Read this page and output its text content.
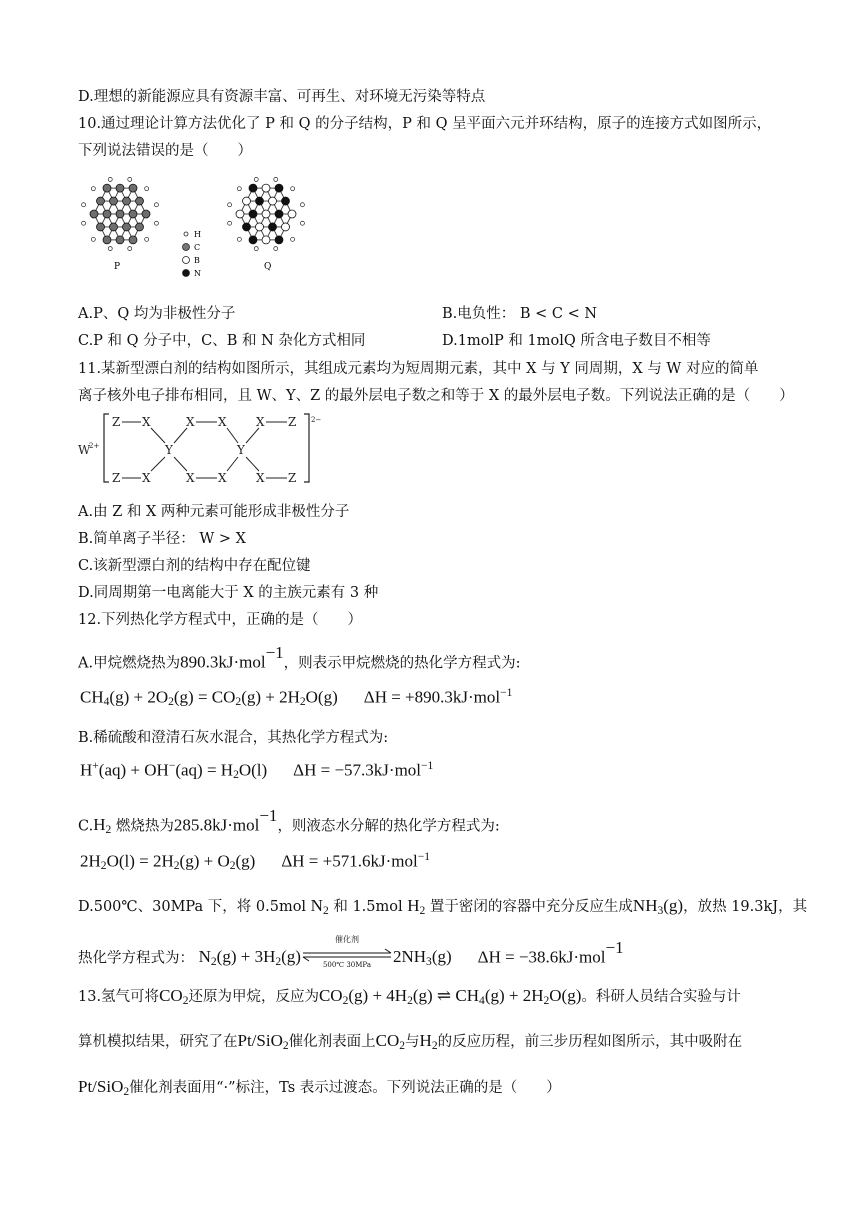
D.理想的新能源应具有资源丰富、可再生、对环境无污染等特点
10.通过理论计算方法优化了 P 和 Q 的分子结构，P 和 Q 呈平面六元并环结构，原子的连接方式如图所示，
下列说法错误的是（　　）
H
C
B
N
P	Q
A.P、Q 均为非极性分子	B.电负性： B < C < N
C.P 和 Q 分子中，C、B 和 N 杂化方式相同	D.1molP 和 1molQ 所含电子数目不相等
11.某新型漂白剂的结构如图所示，其组成元素均为短周期元素，其中 X 与 Y 同周期，X 与 W 对应的简单
离子核外电子排布相同，且 W、Y、Z 的最外层电子数之和等于 X 的最外层电子数。下列说法正确的是（　　）
W
2+
2−
Z X	X X X Z
Y	Y
Z X	X X X Z
A.由 Z 和 X 两种元素可能形成非极性分子
B.简单离子半径： W > X
C.该新型漂白剂的结构中存在配位键
D.同周期第一电离能大于 X 的主族元素有 3 种
12.下列热化学方程式中，正确的是（　　）
A.甲烷燃烧热为890.3kJ·mol$^{-1}$，则表示甲烷燃烧的热化学方程式为:
$CH_4(g) + 2O_2(g) = CO_2(g) + 2H_2O(g) \Delta H = +890.3kJ\cdot mol^{-1}$
B.稀硫酸和澄清石灰水混合，其热化学方程式为:
$H^+(aq) + OH^-(aq) = H_2O(l) \Delta H = -57.3kJ\cdot mol^{-1}$
$C.H_2$ 燃烧热为285.8kJ·mol$^{-1}$，则液态水分解的热化学方程式为:
$2H_2O(l) = 2H_2(g) + O_2(g) \Delta H = +571.6kJ\cdot mol^{-1}$
D.500℃、30MPa 下，将 0.5mol $N_2$ 和 1.5mol $H_2$ 置于密闭的容器中充分反应生成$NH_3(g)$，放热 19.3kJ，其
热化学方程式为： $N_2(g) + 3H_2(g)$
催化剂
500℃ 30MPa	$2NH_3(g) \Delta H = -38.6kJ\cdot mol^{-1}$
13.氢气可将$CO_2$还原为甲烷，反应为$CO_2(g) + 4H_2(g)$ ⇌ $CH_4(g) + 2H_2O(g)$。科研人员结合实验与计
算机模拟结果，研究了在Pt/SiO$_2$催化剂表面上$CO_2$与$H_2$的反应历程，前三步历程如图所示，其中吸附在
Pt/SiO$_2$催化剂表面用“·”标注，Ts 表示过渡态。下列说法正确的是（　　）
